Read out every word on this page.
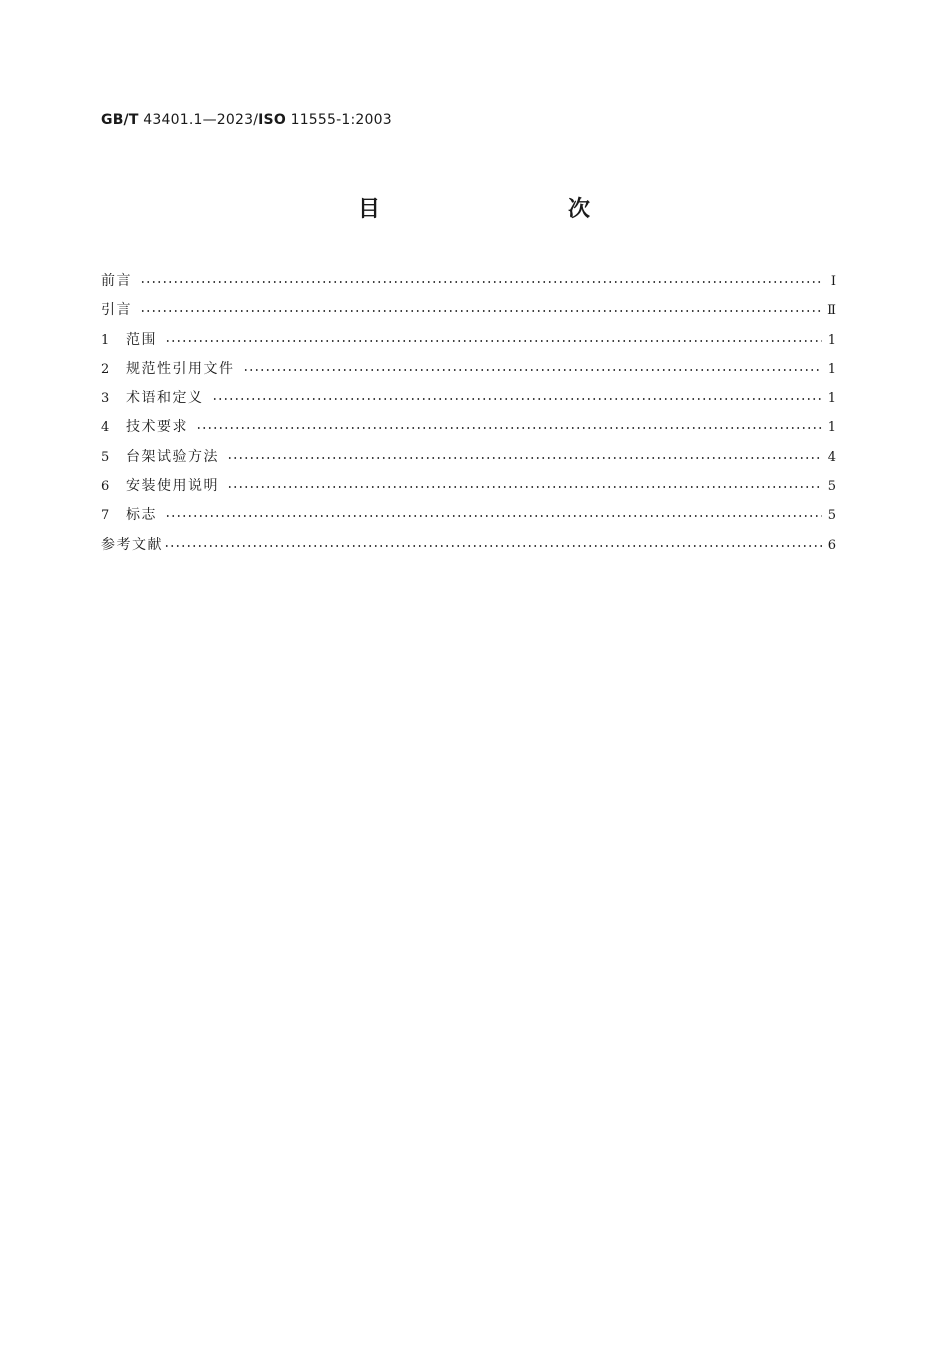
GB/T 43401.1—2023/ISO 11555-1:2003
目　　次
前言	Ⅰ
引言	Ⅱ
1	范围	1
2	规范性引用文件	1
3	术语和定义	1
4	技术要求	1
5	台架试验方法	4
6	安装使用说明	5
7	标志	5
参考文献	6
